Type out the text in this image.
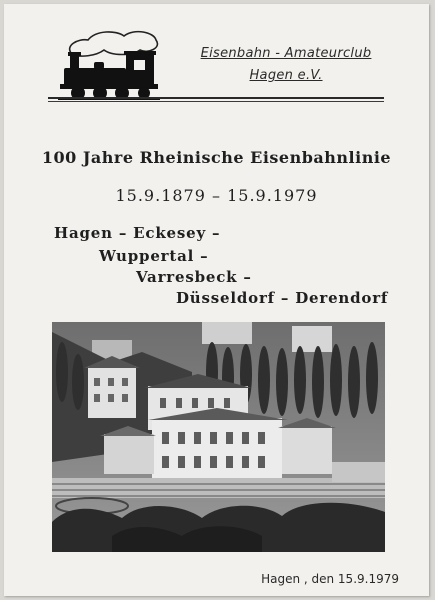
Eisenbahn - Amateurclub
Hagen e.V.
100 Jahre Rheinische Eisenbahnlinie
15.9.1879 – 15.9.1979
Hagen – Eckesey –
Wuppertal –
Varresbeck –
Düsseldorf – Derendorf
Hagen , den 15.9.1979
